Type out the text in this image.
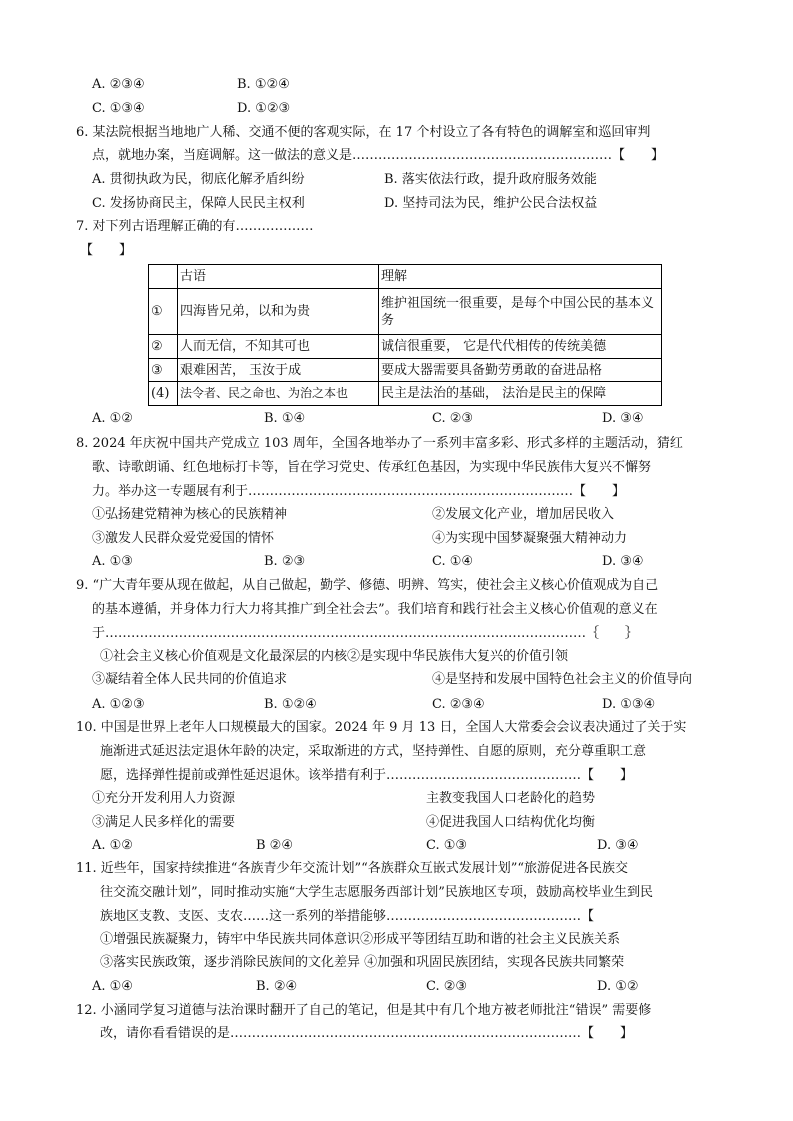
A. ②③④	B. ①②④
C. ①③④	D. ①②③
6. 某法院根据当地地广人稀、交通不便的客观实际，在 17 个村设立了各有特色的调解室和巡回审判
点，就地办案，当庭调解。这一做法的意义是……………………………………………………【　　】
A. 贯彻执政为民，彻底化解矛盾纠纷	B. 落实依法行政，提升政府服务效能
C. 发扬协商民主，保障人民民主权利	D. 坚持司法为民，维护公民合法权益
7. 对下列古语理解正确的有………………
【　　】
	古语	理解
①	四海皆兄弟，以和为贵	维护祖国统一很重要，是每个中国公民的基本义务
②	人而无信，不知其可也	诚信很重要， 它是代代相传的传统美德
③	艰难困苦， 玉汝于成	要成大器需要具备勤劳勇敢的奋进品格
(4)	法令者、民之命也、为治之本也	民主是法治的基础， 法治是民主的保障
A. ①②	B. ①④	C. ②③	D. ③④
8. 2024 年庆祝中国共产党成立 103 周年，全国各地举办了一系列丰富多彩、形式多样的主题活动，猜红
歌、诗歌朗诵、红色地标打卡等，旨在学习党史、传承红色基因，为实现中华民族伟大复兴不懈努
力。举办这一专题展有利于…………………………………………………………………【　　】
①弘扬建党精神为核心的民族精神	②发展文化产业，增加居民收入
③激发人民群众爱党爱国的情怀	④为实现中国梦凝聚强大精神动力
A. ①③	B. ②③	C. ①④	D. ③④
9. “广大青年要从现在做起，从自己做起，勤学、修德、明辨、笃实，使社会主义核心价值观成为自己
的基本遵循，并身体力行大力将其推广到全社会去”。我们培育和践行社会主义核心价值观的意义在
于…………………………………………………………………………………………………｛　　｝
①社会主义核心价值观是文化最深层的内核②是实现中华民族伟大复兴的价值引领
③凝结着全体人民共同的价值追求	④是坚持和发展中国特色社会主义的价值导向
A. ①②③	B. ①②④	C. ②③④	D. ①③④
10. 中国是世界上老年人口规模最大的国家。2024 年 9 月 13 日，全国人大常委会会议表决通过了关于实
施渐进式延迟法定退休年龄的决定，采取渐进的方式，坚持弹性、自愿的原则，充分尊重职工意
愿，选择弹性提前或弹性延迟退休。该举措有利于………………………………………【　　】
①充分开发利用人力资源	主教变我国人口老龄化的趋势
③满足人民多样化的需要	④促进我国人口结构优化均衡
A. ①②	B ②④	C. ①③	D. ③④
11. 近些年，国家持续推进“各族青少年交流计划”“各族群众互嵌式发展计划”“旅游促进各民族交
往交流交融计划”，同时推动实施“大学生志愿服务西部计划”民族地区专项，鼓励高校毕业生到民
族地区支教、支医、支农……这一系列的举措能够………………………………………【
①增强民族凝聚力，铸牢中华民族共同体意识②形成平等团结互助和谐的社会主义民族关系
③落实民族政策，逐步消除民族间的文化差异 ④加强和巩固民族团结，实现各民族共同繁荣
A. ①④	B. ②④	C. ②③	D. ①②
12. 小涵同学复习道德与法治课时翻开了自己的笔记，但是其中有几个地方被老师批注“错误” 需要修
改，请你看看错误的是………………………………………………………………………【　　】
